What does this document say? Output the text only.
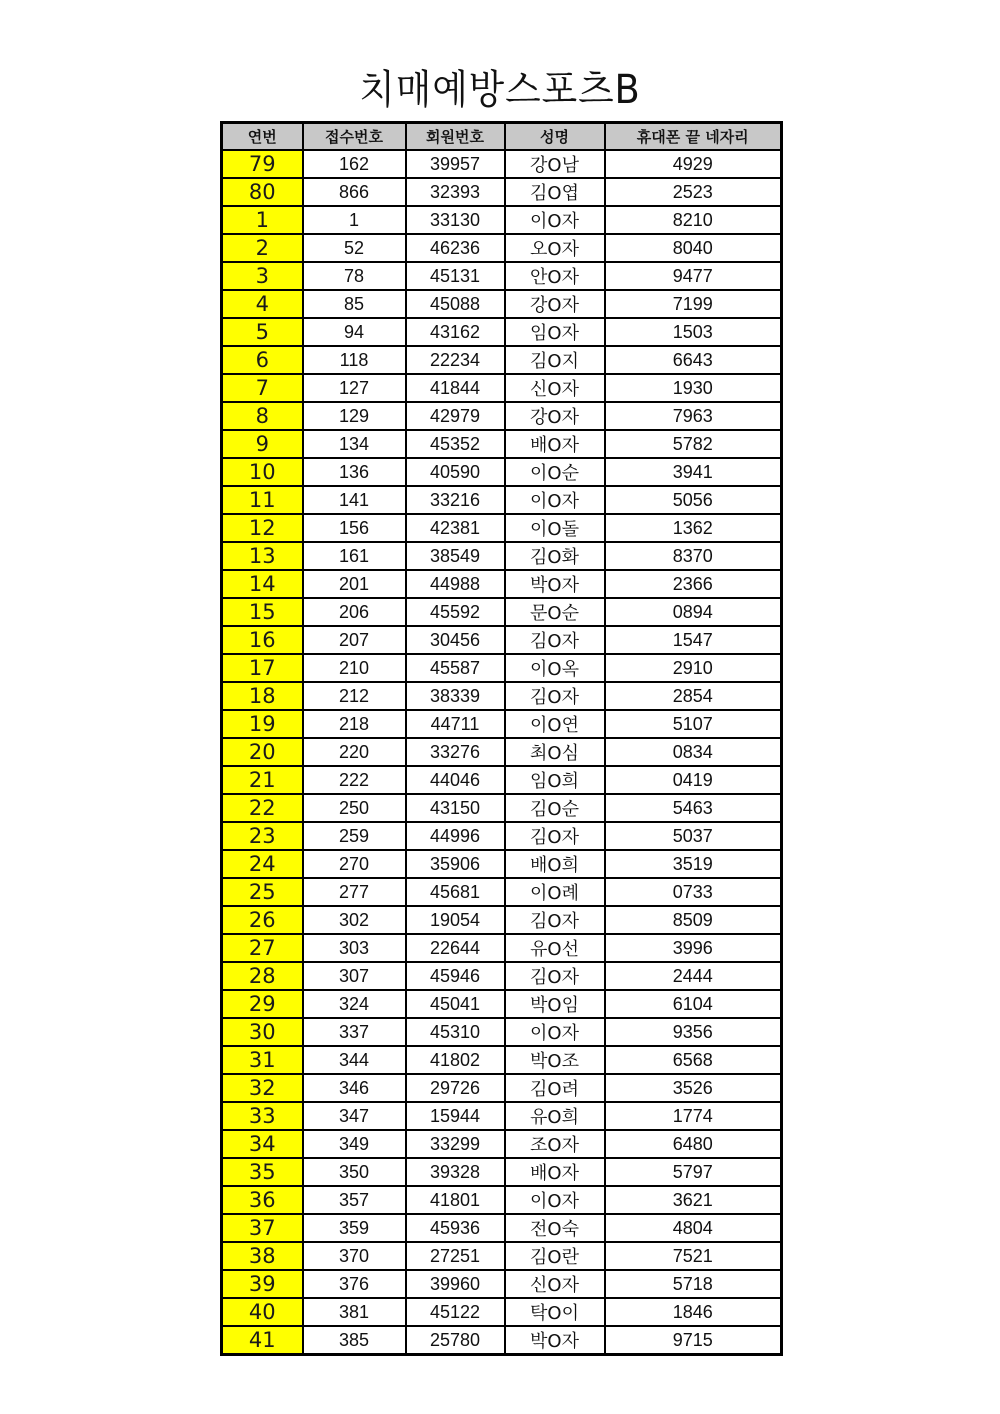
치매예방스포츠B
연번	접수번호	회원번호	성명	휴대폰 끝 네자리
79	162	39957	강O남	4929
80	866	32393	김O엽	2523
1	1	33130	이O자	8210
2	52	46236	오O자	8040
3	78	45131	안O자	9477
4	85	45088	강O자	7199
5	94	43162	임O자	1503
6	118	22234	김O지	6643
7	127	41844	신O자	1930
8	129	42979	강O자	7963
9	134	45352	배O자	5782
10	136	40590	이O순	3941
11	141	33216	이O자	5056
12	156	42381	이O돌	1362
13	161	38549	김O화	8370
14	201	44988	박O자	2366
15	206	45592	문O순	0894
16	207	30456	김O자	1547
17	210	45587	이O옥	2910
18	212	38339	김O자	2854
19	218	44711	이O연	5107
20	220	33276	최O심	0834
21	222	44046	임O희	0419
22	250	43150	김O순	5463
23	259	44996	김O자	5037
24	270	35906	배O희	3519
25	277	45681	이O례	0733
26	302	19054	김O자	8509
27	303	22644	유O선	3996
28	307	45946	김O자	2444
29	324	45041	박O임	6104
30	337	45310	이O자	9356
31	344	41802	박O조	6568
32	346	29726	김O려	3526
33	347	15944	유O희	1774
34	349	33299	조O자	6480
35	350	39328	배O자	5797
36	357	41801	이O자	3621
37	359	45936	전O숙	4804
38	370	27251	김O란	7521
39	376	39960	신O자	5718
40	381	45122	탁O이	1846
41	385	25780	박O자	9715
